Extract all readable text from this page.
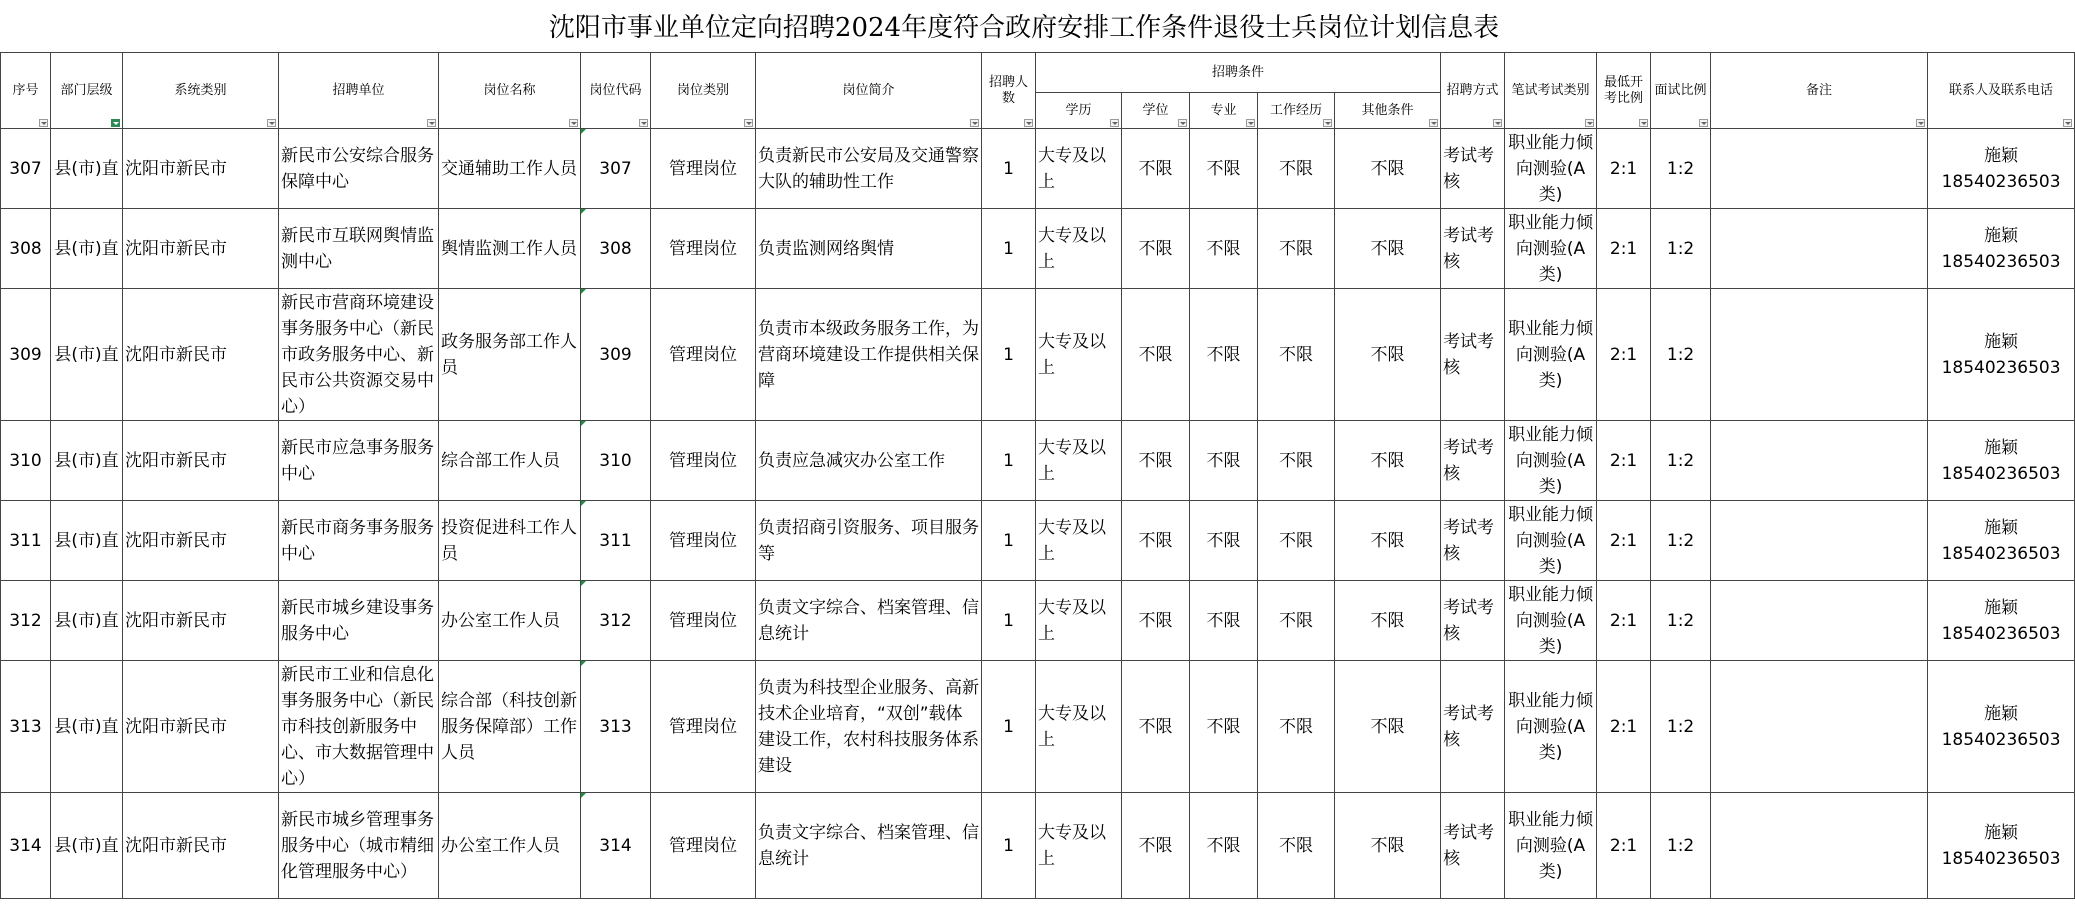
沈阳市事业单位定向招聘2024年度符合政府安排工作条件退役士兵岗位计划信息表
序号	部门层级	系统类别	招聘单位	岗位名称	岗位代码	岗位类别	岗位简介	招聘人数	招聘条件					招聘方式	笔试考试类别	最低开考比例	面试比例	备注	联系人及联系电话

									学历	学位	专业	工作经历	其他条件						

307	县(市)直	沈阳市新民市	新民市公安综合服务保障中心	交通辅助工作人员	307	管理岗位	负责新民市公安局及交通警察大队的辅助性工作	1	大专及以上	不限	不限	不限	不限	考试考核	职业能力倾向测验(A类)	2:1	1:2		施颖
18540236503
308	县(市)直	沈阳市新民市	新民市互联网舆情监测中心	舆情监测工作人员	308	管理岗位	负责监测网络舆情	1	大专及以上	不限	不限	不限	不限	考试考核	职业能力倾向测验(A类)	2:1	1:2		施颖
18540236503
309	县(市)直	沈阳市新民市	新民市营商环境建设事务服务中心（新民市政务服务中心、新民市公共资源交易中心）	政务服务部工作人员	309	管理岗位	负责市本级政务服务工作，为营商环境建设工作提供相关保障	1	大专及以上	不限	不限	不限	不限	考试考核	职业能力倾向测验(A类)	2:1	1:2		施颖
18540236503
310	县(市)直	沈阳市新民市	新民市应急事务服务中心	综合部工作人员	310	管理岗位	负责应急减灾办公室工作	1	大专及以上	不限	不限	不限	不限	考试考核	职业能力倾向测验(A类)	2:1	1:2		施颖
18540236503
311	县(市)直	沈阳市新民市	新民市商务事务服务中心	投资促进科工作人员	311	管理岗位	负责招商引资服务、项目服务等	1	大专及以上	不限	不限	不限	不限	考试考核	职业能力倾向测验(A类)	2:1	1:2		施颖
18540236503
312	县(市)直	沈阳市新民市	新民市城乡建设事务服务中心	办公室工作人员	312	管理岗位	负责文字综合、档案管理、信息统计	1	大专及以上	不限	不限	不限	不限	考试考核	职业能力倾向测验(A类)	2:1	1:2		施颖
18540236503
313	县(市)直	沈阳市新民市	新民市工业和信息化事务服务中心（新民市科技创新服务中心、市大数据管理中心）	综合部（科技创新服务保障部）工作人员	313	管理岗位	负责为科技型企业服务、高新技术企业培育，“双创”载体建设工作，农村科技服务体系建设	1	大专及以上	不限	不限	不限	不限	考试考核	职业能力倾向测验(A类)	2:1	1:2		施颖
18540236503
314	县(市)直	沈阳市新民市	新民市城乡管理事务服务中心（城市精细化管理服务中心）	办公室工作人员	314	管理岗位	负责文字综合、档案管理、信息统计	1	大专及以上	不限	不限	不限	不限	考试考核	职业能力倾向测验(A类)	2:1	1:2		施颖
18540236503
